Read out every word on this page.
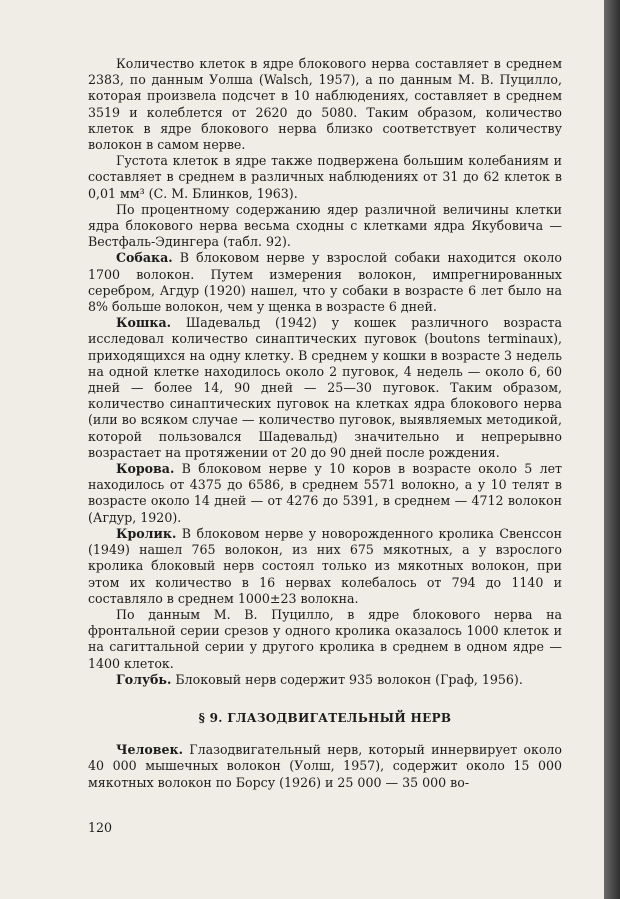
Количество клеток в ядре блокового нерва составляет в среднем 2383, по данным Уолша (Walsch, 1957), а по данным М. В. Пуцилло, которая произвела подсчет в 10 наблюдениях, составляет в среднем 3519 и колеблется от 2620 до 5080. Таким образом, количество клеток в ядре блокового нерва близко соответствует количеству волокон в самом нерве.

Густота клеток в ядре также подвержена большим колебаниям и составляет в среднем в различных наблюдениях от 31 до 62 клеток в 0,01 мм³ (С. М. Блинков, 1963).

По процентному содержанию ядер различной величины клетки ядра блокового нерва весьма сходны с клетками ядра Якубовича — Вестфаль-Эдингера (табл. 92).

Собака. В блоковом нерве у взрослой собаки находится около 1700 волокон. Путем измерения волокон, импрегнированных серебром, Агдур (1920) нашел, что у собаки в возрасте 6 лет было на 8% больше волокон, чем у щенка в возрасте 6 дней.

Кошка. Шадевальд (1942) у кошек различного возраста исследовал количество синаптических пуговок (boutons terminaux), приходящихся на одну клетку. В среднем у кошки в возрасте 3 недель на одной клетке находилось около 2 пуговок, 4 недель — около 6, 60 дней — более 14, 90 дней — 25—30 пуговок. Таким образом, количество синаптических пуговок на клетках ядра блокового нерва (или во всяком случае — количество пуговок, выявляемых методикой, которой пользовался Шадевальд) значительно и непрерывно возрастает на протяжении от 20 до 90 дней после рождения.

Корова. В блоковом нерве у 10 коров в возрасте около 5 лет находилось от 4375 до 6586, в среднем 5571 волокно, а у 10 телят в возрасте около 14 дней — от 4276 до 5391, в среднем — 4712 волокон (Агдур, 1920).

Кролик. В блоковом нерве у новорожденного кролика Свенссон (1949) нашел 765 волокон, из них 675 мякотных, а у взрослого кролика блоковый нерв состоял только из мякотных волокон, при этом их количество в 16 нервах колебалось от 794 до 1140 и составляло в среднем 1000±23 волокна.

По данным М. В. Пуцилло, в ядре блокового нерва на фронтальной серии срезов у одного кролика оказалось 1000 клеток и на сагиттальной серии у другого кролика в среднем в одном ядре — 1400 клеток.

Голубь. Блоковый нерв содержит 935 волокон (Граф, 1956).

§ 9. ГЛАЗОДВИГАТЕЛЬНЫЙ НЕРВ

Человек. Глазодвигательный нерв, который иннервирует около 40 000 мышечных волокон (Уолш, 1957), содержит около 15 000 мякотных волокон по Борсу (1926) и 25 000 — 35 000 во-

120
